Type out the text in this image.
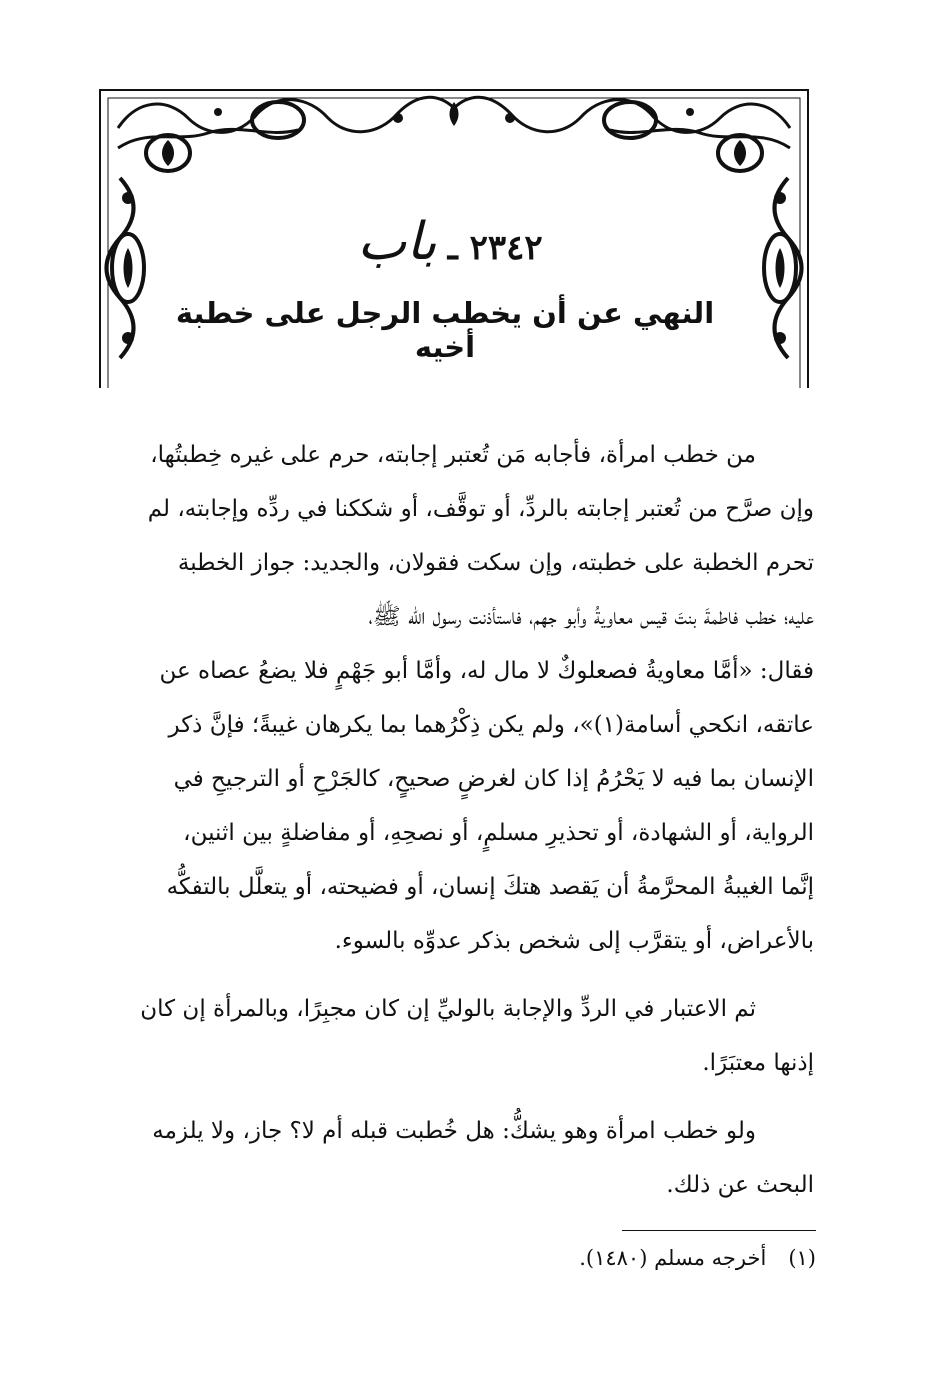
٢٣٤٢ ـ باب
النهي عن أن يخطب الرجل على خطبة أخيه
من خطب امرأة، فأجابه مَن تُعتبر إجابته، حرم على غيره خِطبتُها،
وإن صرَّح من تُعتبر إجابته بالردِّ، أو توقَّف، أو شككنا في ردِّه وإجابته، لم
تحرم الخطبة على خطبته، وإن سكت فقولان، والجديد: جواز الخطبة
عليه؛ خطب فاطمةَ بنتَ قيس معاويةُ وأبو جهم، فاستأذنت رسول الله ﷺ،
فقال: «أمَّا معاويةُ فصعلوكٌ لا مال له، وأمَّا أبو جَهْمٍ فلا يضعُ عصاه عن
عاتقه، انكحي أسامة(١)»، ولم يكن ذِكْرُهما بما يكرهان غيبةً؛ فإنَّ ذكر
الإنسان بما فيه لا يَحْرُمُ إذا كان لغرضٍ صحيحٍ، كالجَرْحِ أو الترجيحِ في
الرواية، أو الشهادة، أو تحذيرِ مسلمٍ، أو نصحِهِ، أو مفاضلةٍ بين اثنين،
إنَّما الغيبةُ المحرَّمةُ أن يَقصد هتكَ إنسان، أو فضيحته، أو يتعلَّل بالتفكُّه
بالأعراض، أو يتقرَّب إلى شخص بذكر عدوِّه بالسوء.
ثم الاعتبار في الردِّ والإجابة بالوليِّ إن كان مجبِرًا، وبالمرأة إن كان
إذنها معتبَرًا.
ولو خطب امرأة وهو يشكُّ: هل خُطبت قبله أم لا؟ جاز، ولا يلزمه
البحث عن ذلك.
(١)أخرجه مسلم (١٤٨٠).
